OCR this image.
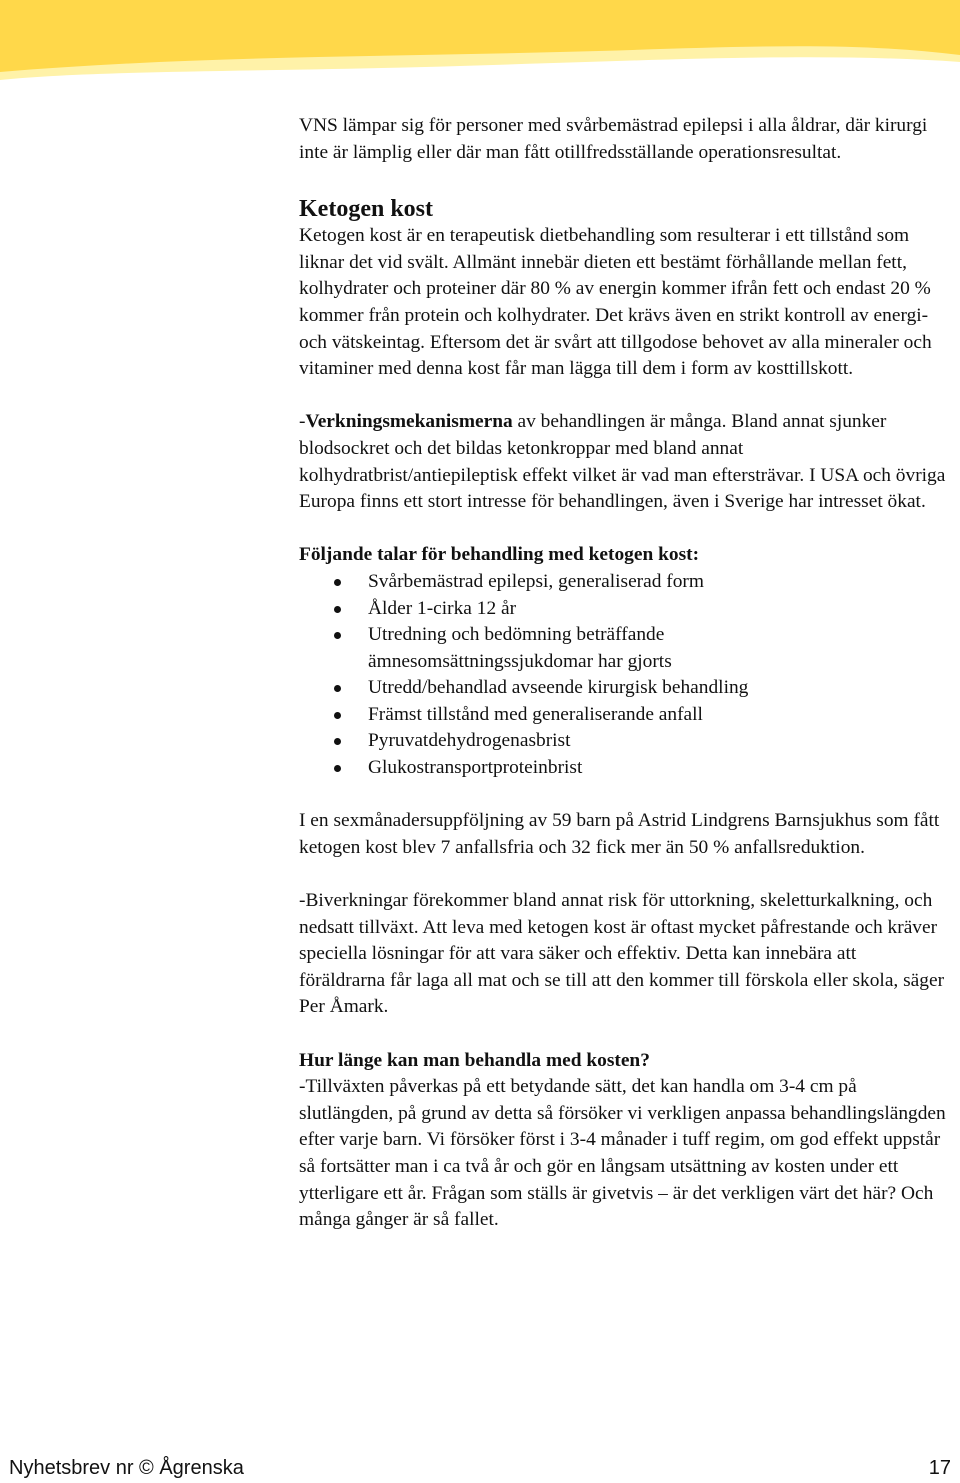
VNS lämpar sig för personer med svårbemästrad epilepsi i alla åldrar, där kirurgi inte är lämplig eller där man fått otillfredsställande operationsresultat.

Ketogen kost

Ketogen kost är en terapeutisk dietbehandling som resulterar i ett tillstånd som liknar det vid svält. Allmänt innebär dieten ett bestämt förhållande mellan fett, kolhydrater och proteiner där 80 % av energin kommer ifrån fett och endast 20 % kommer från protein och kolhydrater. Det krävs även en strikt kontroll av energi- och vätskeintag. Eftersom det är svårt att tillgodose behovet av alla mineraler och vitaminer med denna kost får man lägga till dem i form av kosttillskott.

-Verkningsmekanismerna av behandlingen är många. Bland annat sjunker blodsockret och det bildas ketonkroppar med bland annat kolhydratbrist/antiepileptisk effekt vilket är vad man eftersträvar. I USA och övriga Europa finns ett stort intresse för behandlingen, även i Sverige har intresset ökat.

Följande talar för behandling med ketogen kost:

Svårbemästrad epilepsi, generaliserad form
Ålder 1-cirka 12 år
Utredning och bedömning beträffande ämnesomsättningssjukdomar har gjorts
Utredd/behandlad avseende kirurgisk behandling
Främst tillstånd med generaliserande anfall
Pyruvatdehydrogenasbrist
Glukostransportproteinbrist

I en sexmånadersuppföljning av 59 barn på Astrid Lindgrens Barnsjukhus som fått ketogen kost blev 7 anfallsfria och 32 fick mer än 50 % anfallsreduktion.

-Biverkningar förekommer bland annat risk för uttorkning, skeletturkalkning, och nedsatt tillväxt. Att leva med ketogen kost är oftast mycket påfrestande och kräver speciella lösningar för att vara säker och effektiv. Detta kan innebära att föräldrarna får laga all mat och se till att den kommer till förskola eller skola, säger Per Åmark.

Hur länge kan man behandla med kosten?

-Tillväxten påverkas på ett betydande sätt, det kan handla om 3-4 cm på slutlängden, på grund av detta så försöker vi verkligen anpassa behandlingslängden efter varje barn. Vi försöker först i 3-4 månader i tuff regim, om god effekt uppstår så fortsätter man i ca två år och gör en långsam utsättning av kosten under ett ytterligare ett år. Frågan som ställs är givetvis – är det verkligen värt det här? Och många gånger är så fallet.

Nyhetsbrev nr © Ågrenska	17
